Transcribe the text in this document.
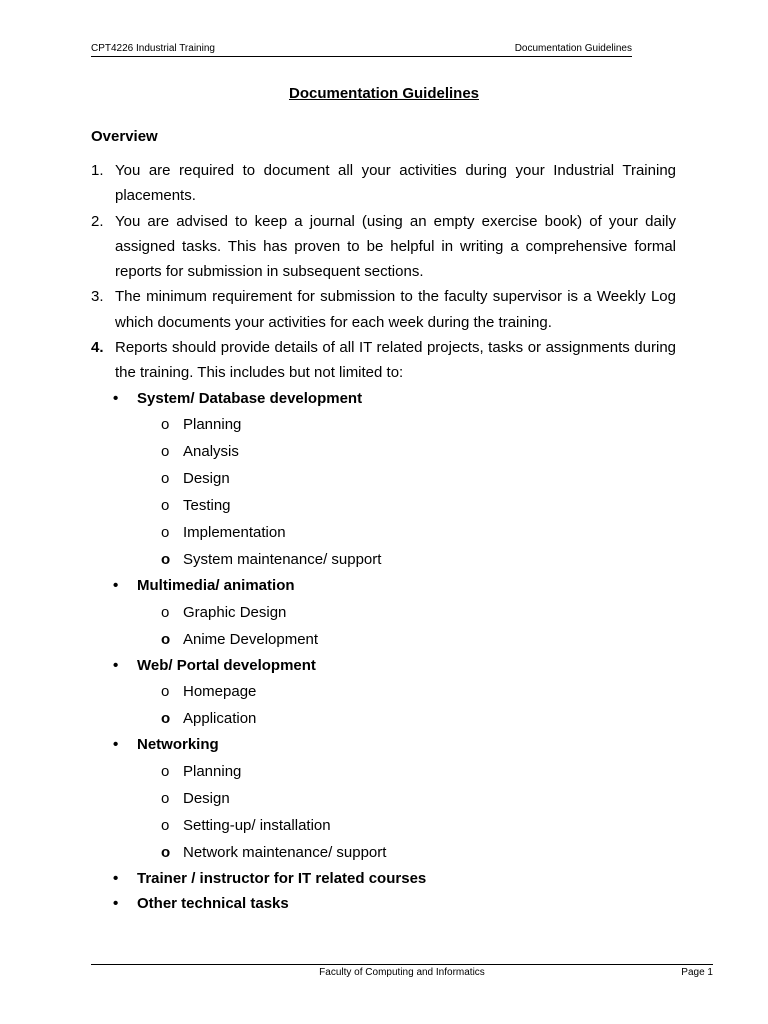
CPT4226 Industrial Training	Documentation Guidelines
Documentation Guidelines
Overview
1. You are required to document all your activities during your Industrial Training placements.
2. You are advised to keep a journal (using an empty exercise book) of your daily assigned tasks. This has proven to be helpful in writing a comprehensive formal reports for submission in subsequent sections.
3. The minimum requirement for submission to the faculty supervisor is a Weekly Log which documents your activities for each week during the training.
4. Reports should provide details of all IT related projects, tasks or assignments during the training. This includes but not limited to:
• System/ Database development
o Planning
o Analysis
o Design
o Testing
o Implementation
o System maintenance/ support
• Multimedia/ animation
o Graphic Design
o Anime Development
• Web/ Portal development
o Homepage
o Application
• Networking
o Planning
o Design
o Setting-up/ installation
o Network maintenance/ support
• Trainer / instructor for IT related courses
• Other technical tasks
Faculty of Computing and Informatics	Page 1
